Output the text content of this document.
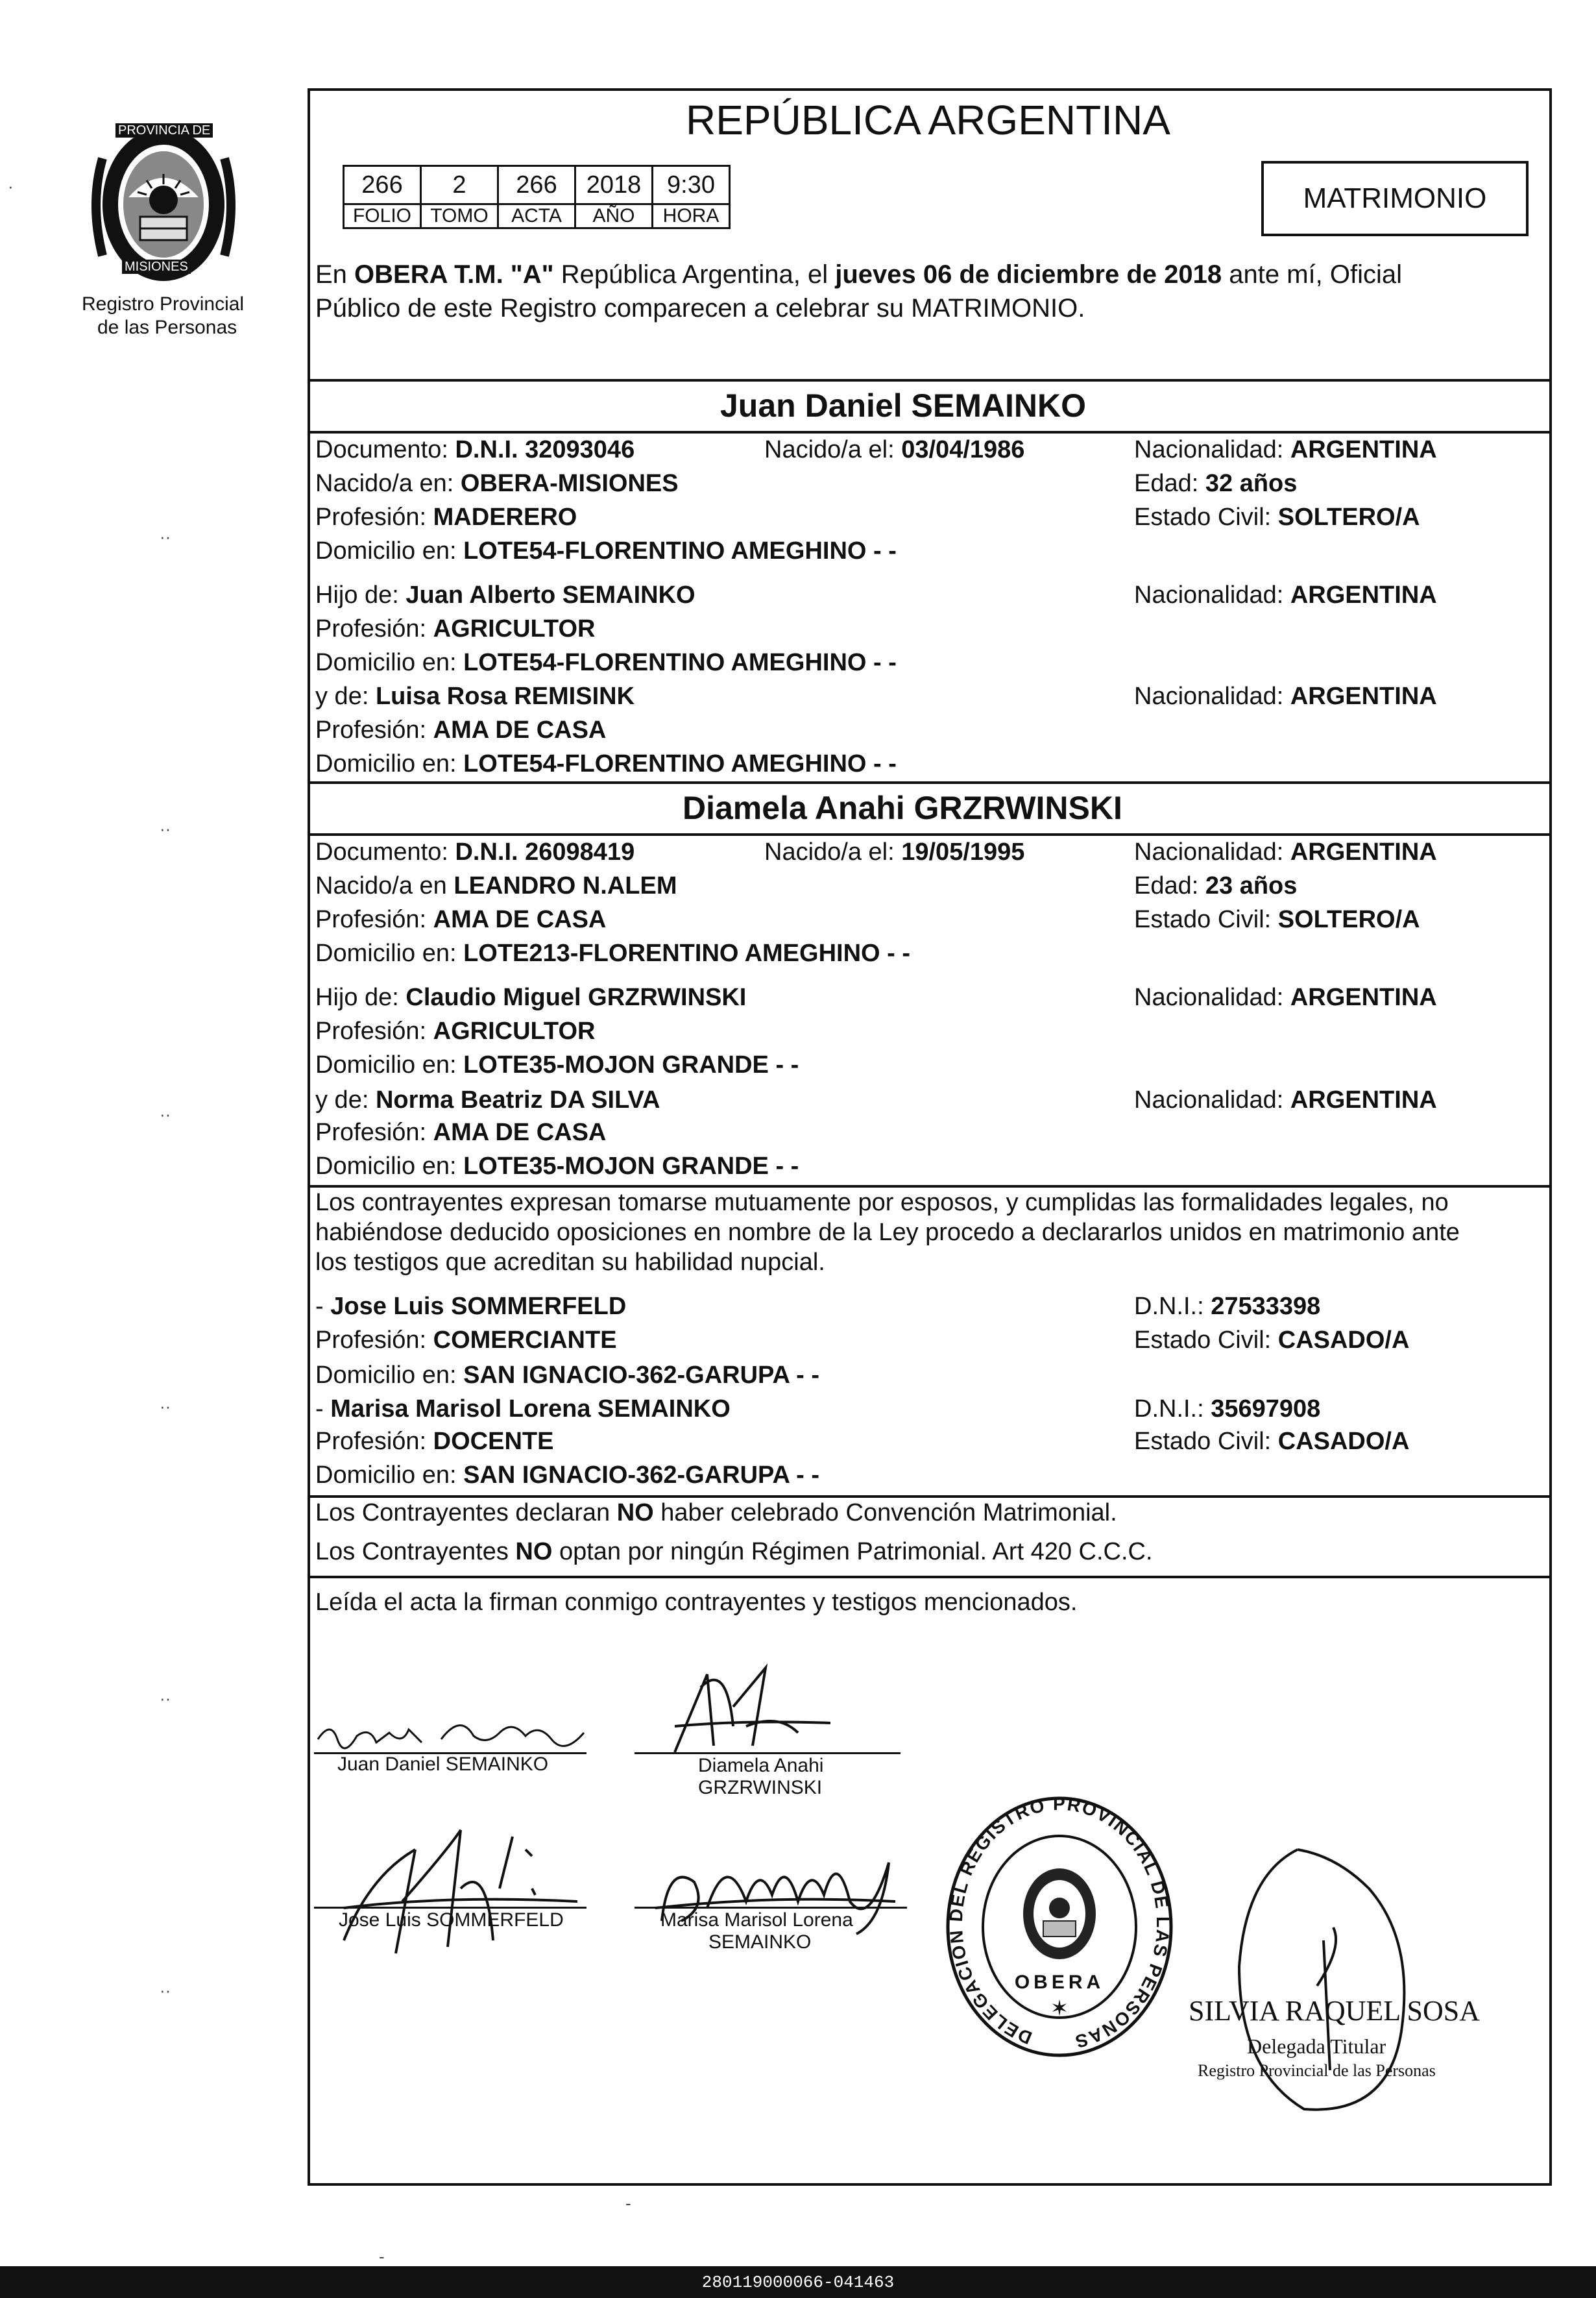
PROVINCIA DE
MISIONES
Registro Provincial
de las Personas
·
··
··
··
··
··
··
REPÚBLICA ARGENTINA
266	2	266	2018	9:30
FOLIO	TOMO	ACTA	AÑO	HORA
MATRIMONIO
En OBERA T.M. "A" República Argentina, el jueves 06 de diciembre de 2018 ante mí, Oficial
Público de este Registro comparecen a celebrar su MATRIMONIO.
Juan Daniel SEMAINKO
Documento: D.N.I. 32093046	Nacido/a el: 03/04/1986	Nacionalidad: ARGENTINA
Nacido/a en: OBERA-MISIONES	Edad: 32 años
Profesión: MADERERO	Estado Civil: SOLTERO/A
Domicilio en: LOTE54-FLORENTINO AMEGHINO - -
Hijo de: Juan Alberto SEMAINKO	Nacionalidad: ARGENTINA
Profesión: AGRICULTOR
Domicilio en: LOTE54-FLORENTINO AMEGHINO - -
y de: Luisa Rosa REMISINK	Nacionalidad: ARGENTINA
Profesión: AMA DE CASA
Domicilio en: LOTE54-FLORENTINO AMEGHINO - -
Diamela Anahi GRZRWINSKI
Documento: D.N.I. 26098419	Nacido/a el: 19/05/1995	Nacionalidad: ARGENTINA
Nacido/a en LEANDRO N.ALEM	Edad: 23 años
Profesión: AMA DE CASA	Estado Civil: SOLTERO/A
Domicilio en: LOTE213-FLORENTINO AMEGHINO - -
Hijo de: Claudio Miguel GRZRWINSKI	Nacionalidad: ARGENTINA
Profesión: AGRICULTOR
Domicilio en: LOTE35-MOJON GRANDE - -
y de: Norma Beatriz DA SILVA	Nacionalidad: ARGENTINA
Profesión: AMA DE CASA
Domicilio en: LOTE35-MOJON GRANDE - -
Los contrayentes expresan tomarse mutuamente por esposos, y cumplidas las formalidades legales, no
habiéndose deducido oposiciones en nombre de la Ley procedo a declararlos unidos en matrimonio ante
los testigos que acreditan su habilidad nupcial.
- Jose Luis SOMMERFELD	D.N.I.: 27533398
Profesión: COMERCIANTE	Estado Civil: CASADO/A
Domicilio en: SAN IGNACIO-362-GARUPA - -
- Marisa Marisol Lorena SEMAINKO	D.N.I.: 35697908
Profesión: DOCENTE	Estado Civil: CASADO/A
Domicilio en: SAN IGNACIO-362-GARUPA - -
Los Contrayentes declaran NO haber celebrado Convención Matrimonial.
Los Contrayentes NO optan por ningún Régimen Patrimonial. Art 420 C.C.C.
Leída el acta la firman conmigo contrayentes y testigos mencionados.
Juan Daniel SEMAINKO	Diamela Anahi
GRZRWINSKI
Jose Luis SOMMERFELD	Marisa Marisol Lorena
SEMAINKO
DELEGACION DEL REGISTRO PROVINCIAL DE LAS PERSONAS
OBERA
✶	SILVIA RAQUEL SOSA
Delegada Titular
Registro Provincial de las Personas
-
-
280119000066-041463
